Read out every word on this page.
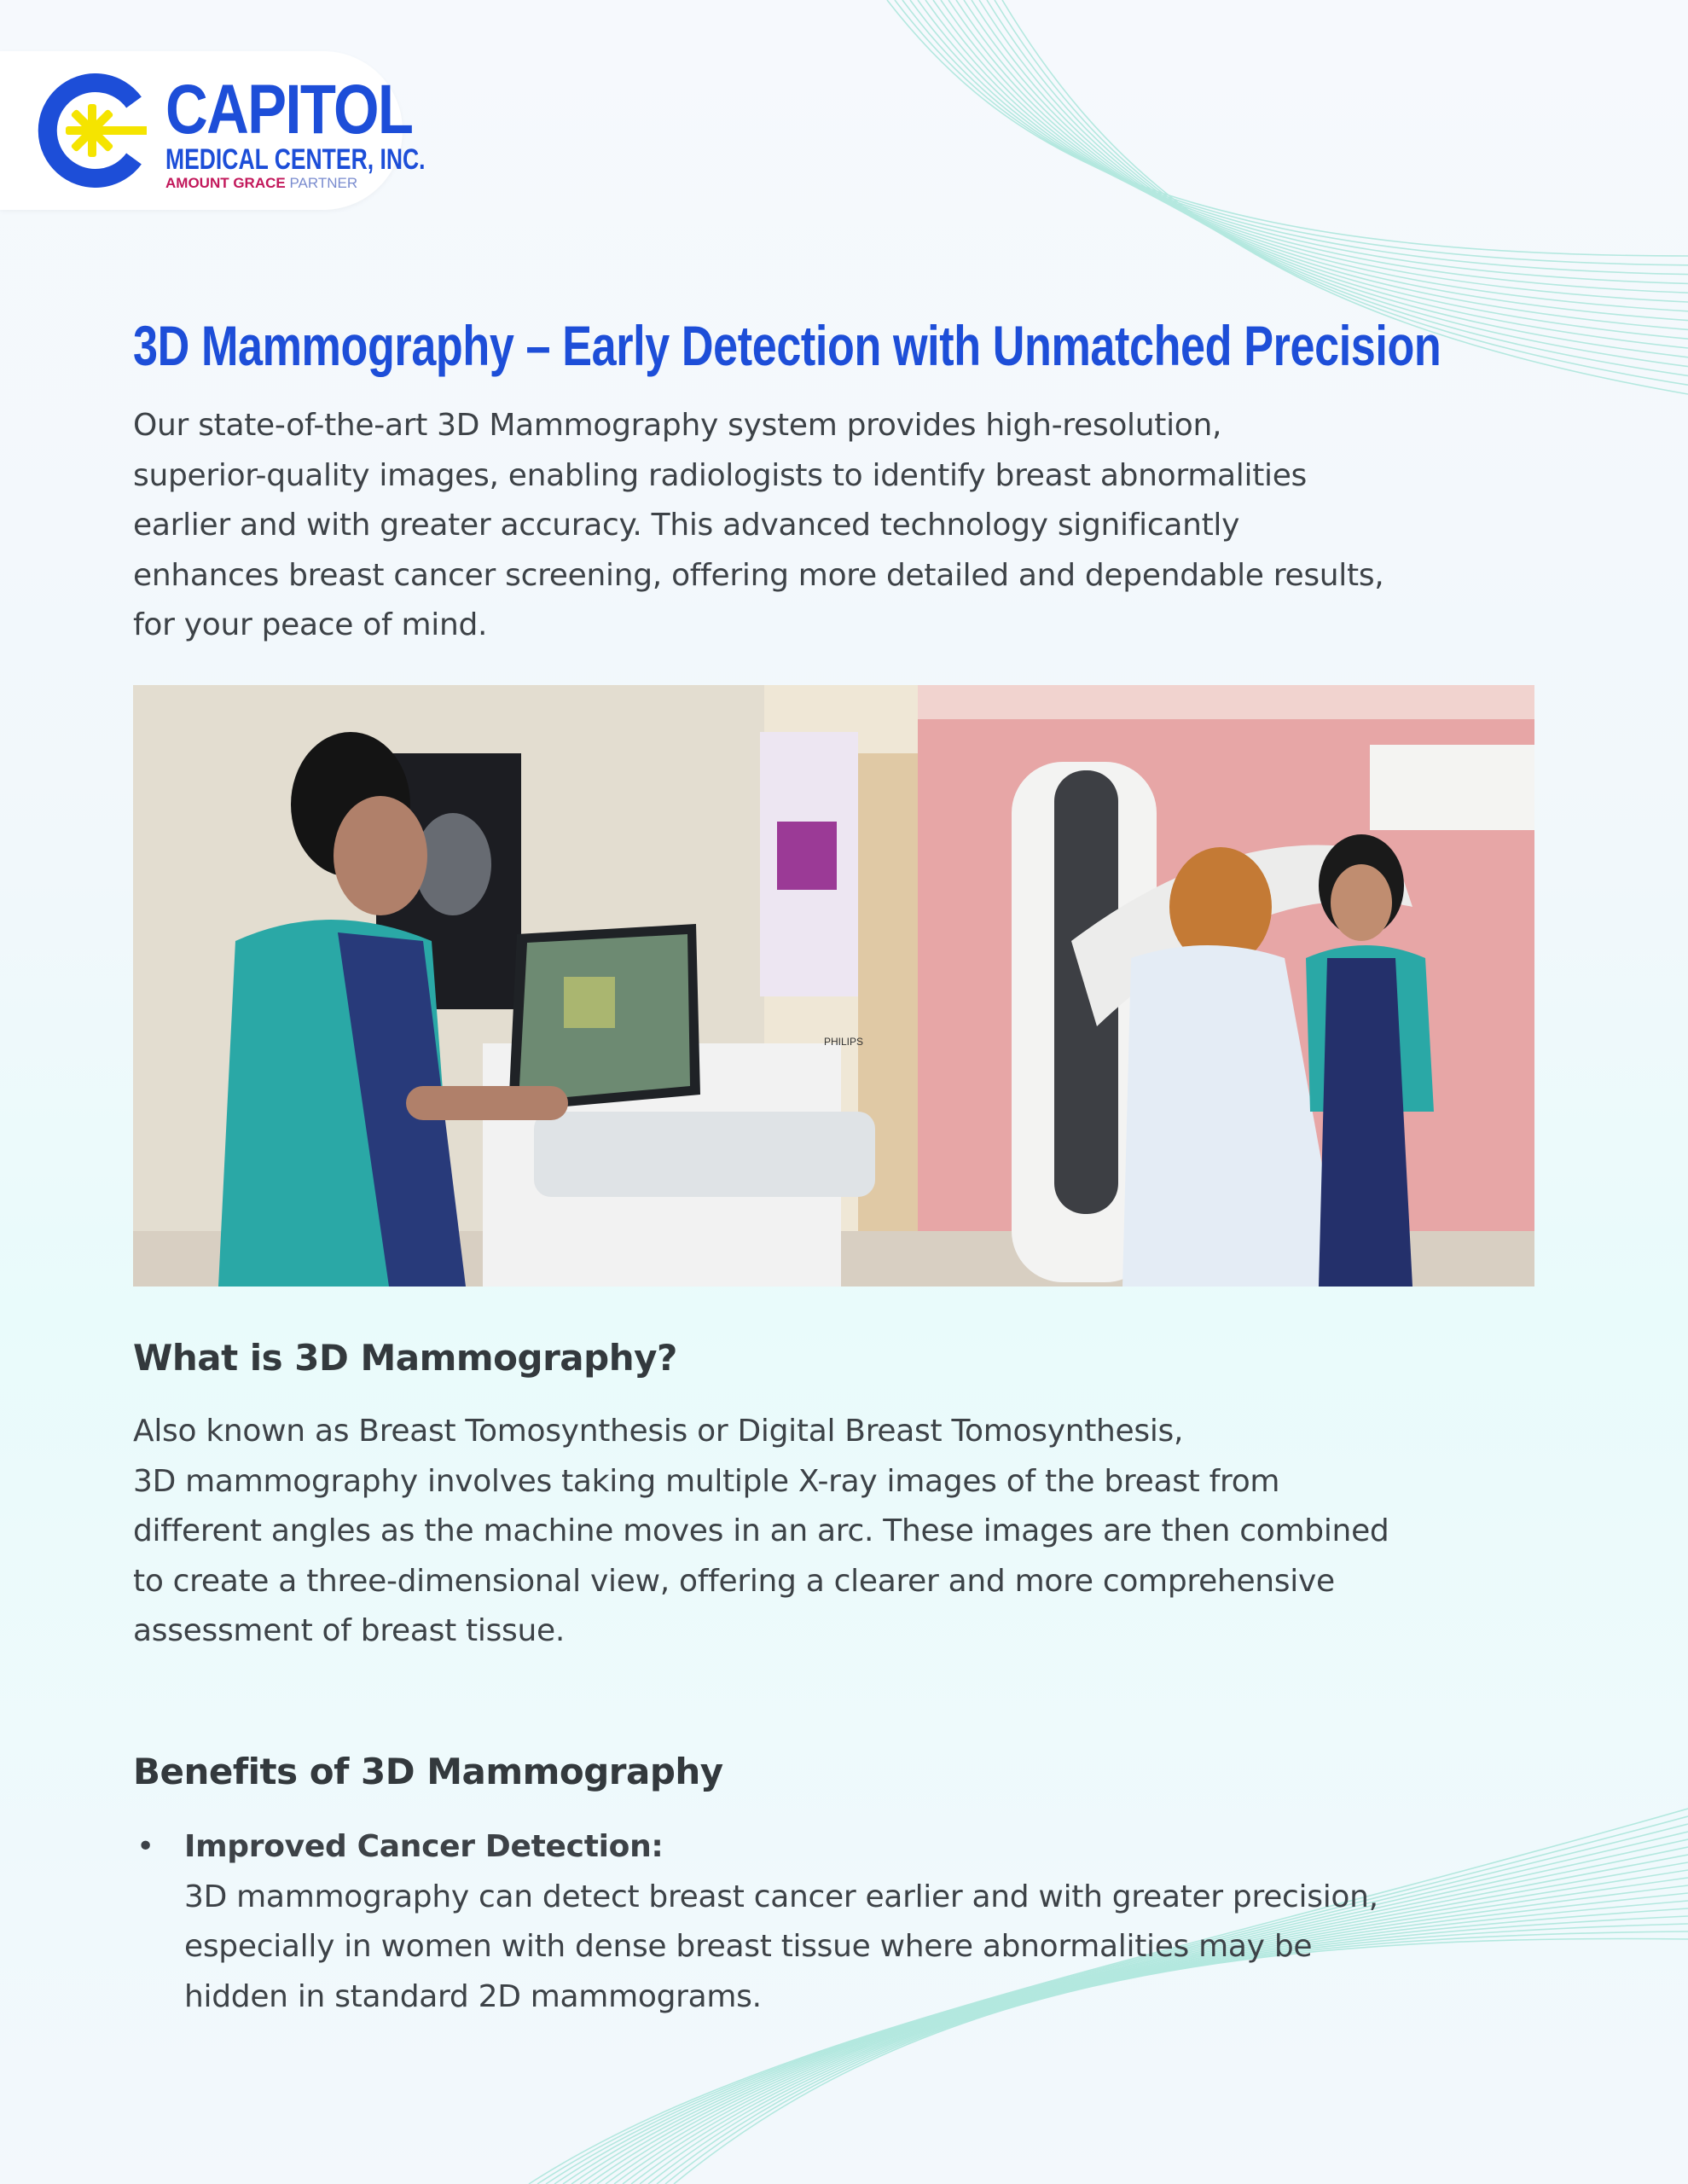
CAPITOL

MEDICAL CENTER, INC.

AMOUNT GRACE PARTNER

3D Mammography – Early Detection with Unmatched Precision

Our state-of-the-art 3D Mammography system provides high-resolution,

superior-quality images, enabling radiologists to identify breast abnormalities

earlier and with greater accuracy. This advanced technology significantly

enhances breast cancer screening, offering more detailed and dependable results,

for your peace of mind.

PHILIPS
What is 3D Mammography?

Also known as Breast Tomosynthesis or Digital Breast Tomosynthesis,

3D mammography involves taking multiple X-ray images of the breast from

different angles as the machine moves in an arc. These images are then combined

to create a three-dimensional view, offering a clearer and more comprehensive

assessment of breast tissue.

Benefits of 3D Mammography
• Improved Cancer Detection:

3D mammography can detect breast cancer earlier and with greater precision,

especially in women with dense breast tissue where abnormalities may be

hidden in standard 2D mammograms.
